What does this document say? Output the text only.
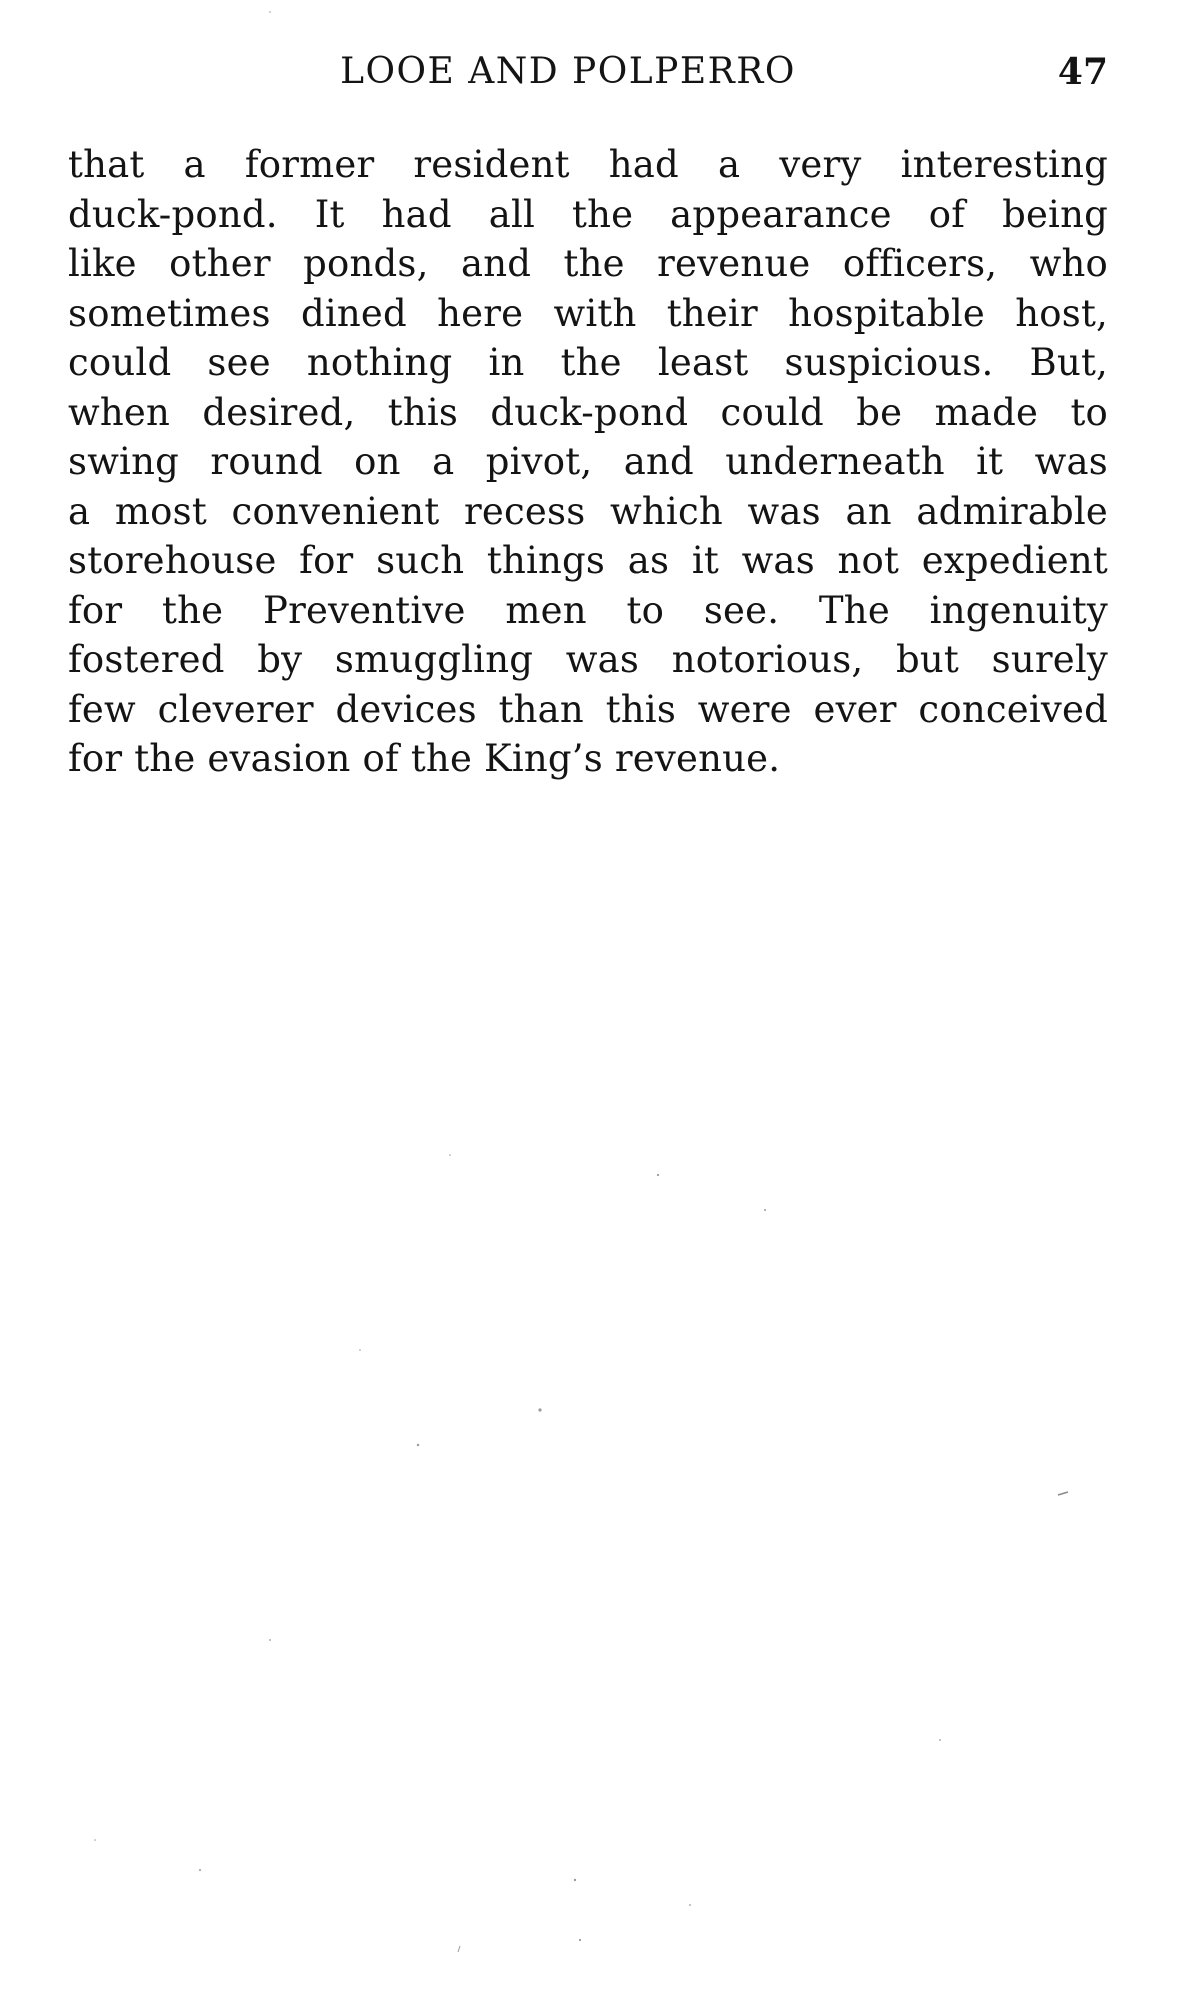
LOOE AND POLPERRO	47
that a former resident had a very interesting
duck-pond. It had all the appearance of being
like other ponds, and the revenue officers, who
sometimes dined here with their hospitable host,
could see nothing in the least suspicious. But,
when desired, this duck-pond could be made to
swing round on a pivot, and underneath it was
a most convenient recess which was an admirable
storehouse for such things as it was not expedient
for the Preventive men to see. The ingenuity
fostered by smuggling was notorious, but surely
few cleverer devices than this were ever conceived
for the evasion of the King’s revenue.
